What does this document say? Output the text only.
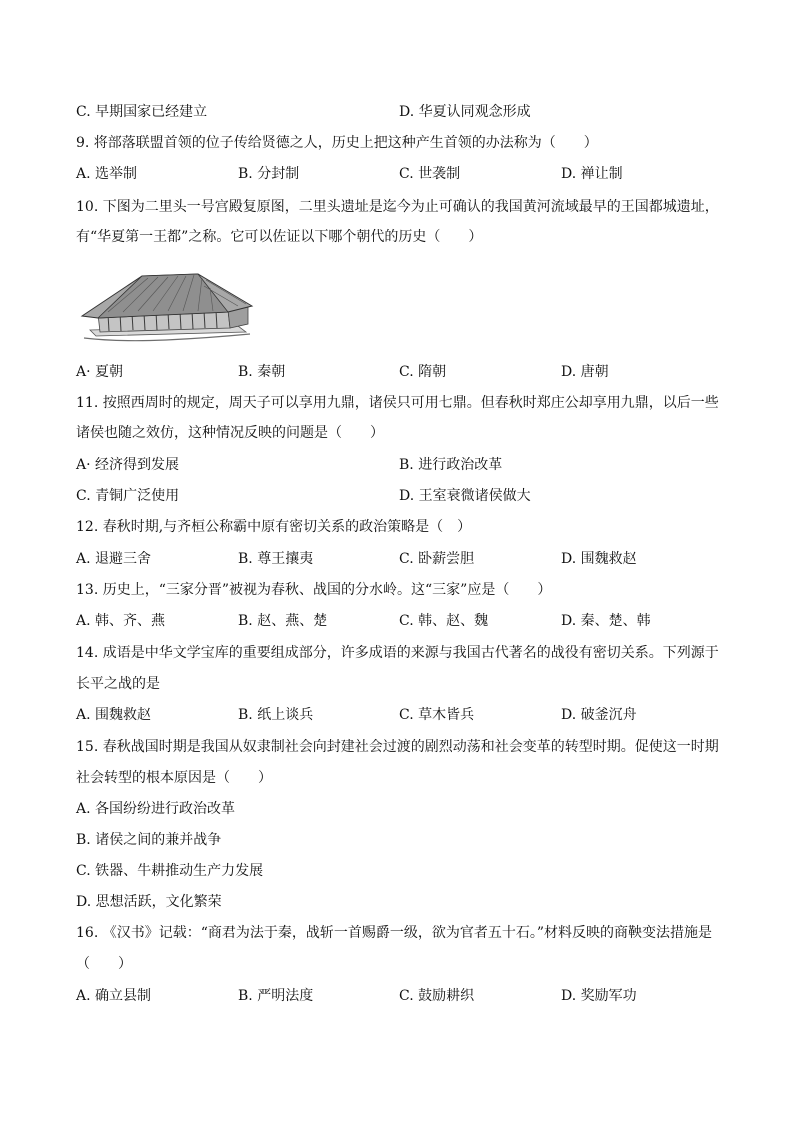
C. 早期国家已经建立	D. 华夏认同观念形成
9. 将部落联盟首领的位子传给贤德之人，历史上把这种产生首领的办法称为（　　）
A. 选举制	B. 分封制	C. 世袭制	D. 禅让制
10. 下图为二里头一号宫殿复原图，二里头遗址是迄今为止可确认的我国黄河流域最早的王国都城遗址，
有“华夏第一王都”之称。它可以佐证以下哪个朝代的历史（　　）
A· 夏朝	B. 秦朝	C. 隋朝	D. 唐朝
11. 按照西周时的规定，周天子可以享用九鼎，诸侯只可用七鼎。但春秋时郑庄公却享用九鼎，以后一些
诸侯也随之效仿，这种情况反映的问题是（　　）
A· 经济得到发展	B. 进行政治改革
C. 青铜广泛使用	D. 王室衰微诸侯做大
12. 春秋时期,与齐桓公称霸中原有密切关系的政治策略是（　）
A. 退避三舍	B. 尊王攘夷	C. 卧薪尝胆	D. 围魏救赵
13. 历史上，“三家分晋”被视为春秋、战国的分水岭。这“三家”应是（　　）
A. 韩、齐、燕	B. 赵、燕、楚	C. 韩、赵、魏	D. 秦、楚、韩
14. 成语是中华文学宝库的重要组成部分，许多成语的来源与我国古代著名的战役有密切关系。下列源于
长平之战的是
A. 围魏救赵	B. 纸上谈兵	C. 草木皆兵	D. 破釜沉舟
15. 春秋战国时期是我国从奴隶制社会向封建社会过渡的剧烈动荡和社会变革的转型时期。促使这一时期
社会转型的根本原因是（　　）
A. 各国纷纷进行政治改革
B. 诸侯之间的兼并战争
C. 铁器、牛耕推动生产力发展
D. 思想活跃，文化繁荣
16. 《汉书》记载：“商君为法于秦，战斩一首赐爵一级，欲为官者五十石。”材料反映的商鞅变法措施是
（　　）
A. 确立县制	B. 严明法度	C. 鼓励耕织	D. 奖励军功
